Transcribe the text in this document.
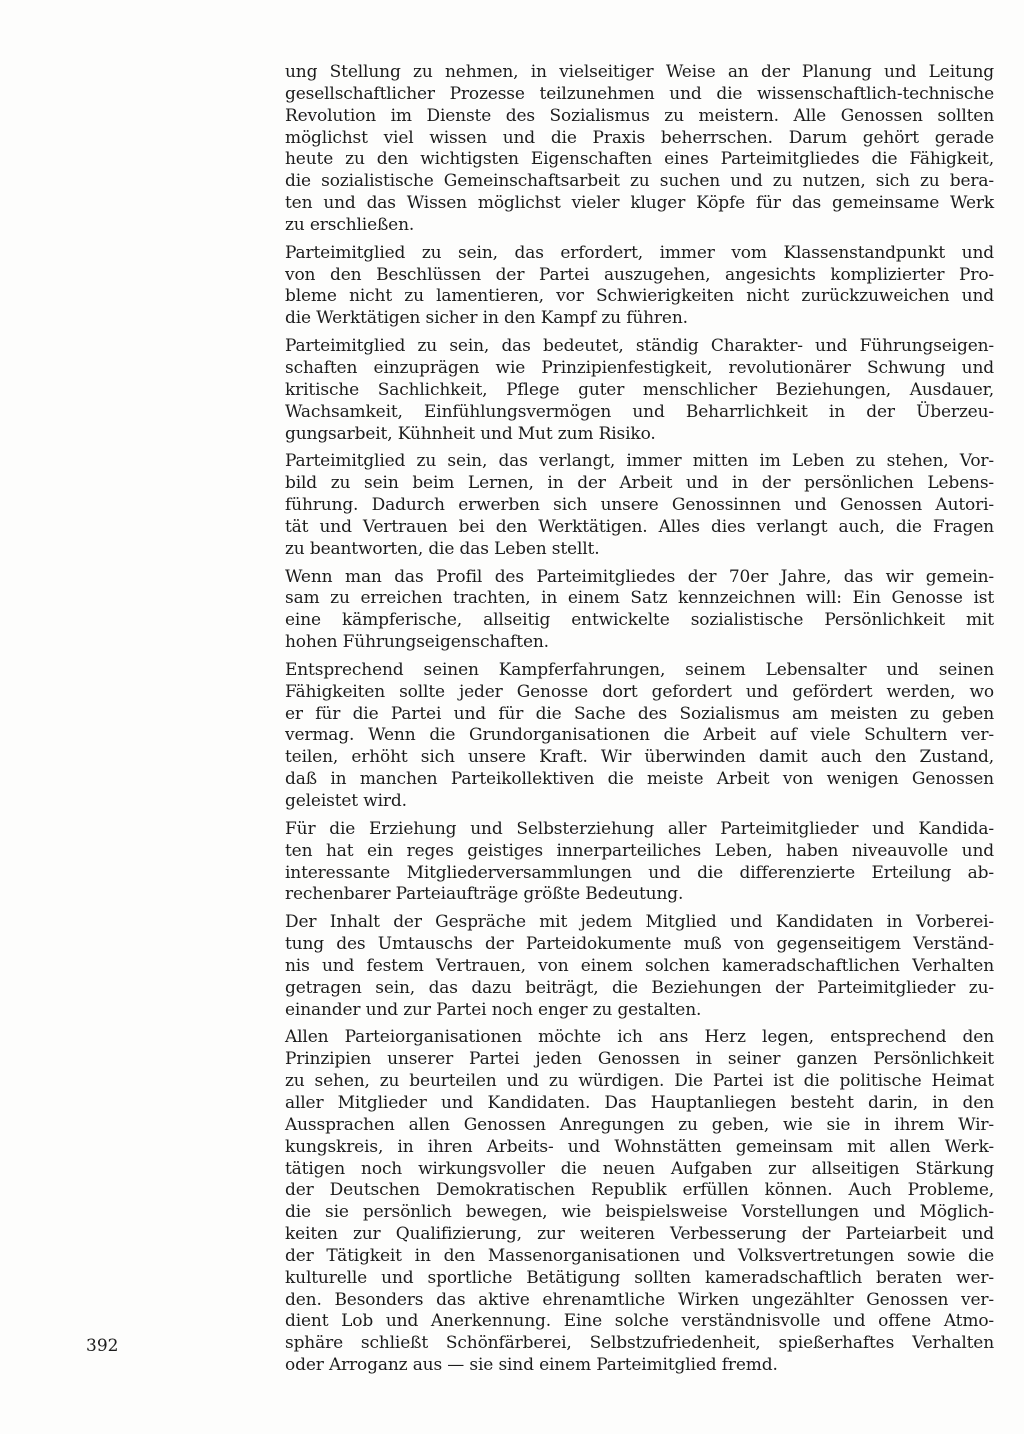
ung Stellung zu nehmen, in vielseitiger Weise an der Planung und Leitung
gesellschaftlicher Prozesse teilzunehmen und die wissenschaftlich-technische
Revolution im Dienste des Sozialismus zu meistern. Alle Genossen sollten
möglichst viel wissen und die Praxis beherrschen. Darum gehört gerade
heute zu den wichtigsten Eigenschaften eines Parteimitgliedes die Fähigkeit,
die sozialistische Gemeinschaftsarbeit zu suchen und zu nutzen, sich zu bera-
ten und das Wissen möglichst vieler kluger Köpfe für das gemeinsame Werk
zu erschließen.

Parteimitglied zu sein, das erfordert, immer vom Klassenstandpunkt und
von den Beschlüssen der Partei auszugehen, angesichts komplizierter Pro-
bleme nicht zu lamentieren, vor Schwierigkeiten nicht zurückzuweichen und
die Werktätigen sicher in den Kampf zu führen.

Parteimitglied zu sein, das bedeutet, ständig Charakter- und Führungseigen-
schaften einzuprägen wie Prinzipienfestigkeit, revolutionärer Schwung und
kritische Sachlichkeit, Pflege guter menschlicher Beziehungen, Ausdauer,
Wachsamkeit, Einfühlungsvermögen und Beharrlichkeit in der Überzeu-
gungsarbeit, Kühnheit und Mut zum Risiko.

Parteimitglied zu sein, das verlangt, immer mitten im Leben zu stehen, Vor-
bild zu sein beim Lernen, in der Arbeit und in der persönlichen Lebens-
führung. Dadurch erwerben sich unsere Genossinnen und Genossen Autori-
tät und Vertrauen bei den Werktätigen. Alles dies verlangt auch, die Fragen
zu beantworten, die das Leben stellt.

Wenn man das Profil des Parteimitgliedes der 70er Jahre, das wir gemein-
sam zu erreichen trachten, in einem Satz kennzeichnen will: Ein Genosse ist
eine kämpferische, allseitig entwickelte sozialistische Persönlichkeit mit
hohen Führungseigenschaften.

Entsprechend seinen Kampferfahrungen, seinem Lebensalter und seinen
Fähigkeiten sollte jeder Genosse dort gefordert und gefördert werden, wo
er für die Partei und für die Sache des Sozialismus am meisten zu geben
vermag. Wenn die Grundorganisationen die Arbeit auf viele Schultern ver-
teilen, erhöht sich unsere Kraft. Wir überwinden damit auch den Zustand,
daß in manchen Parteikollektiven die meiste Arbeit von wenigen Genossen
geleistet wird.

Für die Erziehung und Selbsterziehung aller Parteimitglieder und Kandida-
ten hat ein reges geistiges innerparteiliches Leben, haben niveauvolle und
interessante Mitgliederversammlungen und die differenzierte Erteilung ab-
rechenbarer Parteiaufträge größte Bedeutung.

Der Inhalt der Gespräche mit jedem Mitglied und Kandidaten in Vorberei-
tung des Umtauschs der Parteidokumente muß von gegenseitigem Verständ-
nis und festem Vertrauen, von einem solchen kameradschaftlichen Verhalten
getragen sein, das dazu beiträgt, die Beziehungen der Parteimitglieder zu-
einander und zur Partei noch enger zu gestalten.

Allen Parteiorganisationen möchte ich ans Herz legen, entsprechend den
Prinzipien unserer Partei jeden Genossen in seiner ganzen Persönlichkeit
zu sehen, zu beurteilen und zu würdigen. Die Partei ist die politische Heimat
aller Mitglieder und Kandidaten. Das Hauptanliegen besteht darin, in den
Aussprachen allen Genossen Anregungen zu geben, wie sie in ihrem Wir-
kungskreis, in ihren Arbeits- und Wohnstätten gemeinsam mit allen Werk-
tätigen noch wirkungsvoller die neuen Aufgaben zur allseitigen Stärkung
der Deutschen Demokratischen Republik erfüllen können. Auch Probleme,
die sie persönlich bewegen, wie beispielsweise Vorstellungen und Möglich-
keiten zur Qualifizierung, zur weiteren Verbesserung der Parteiarbeit und
der Tätigkeit in den Massenorganisationen und Volksvertretungen sowie die
kulturelle und sportliche Betätigung sollten kameradschaftlich beraten wer-
den. Besonders das aktive ehrenamtliche Wirken ungezählter Genossen ver-
dient Lob und Anerkennung. Eine solche verständnisvolle und offene Atmo-
sphäre schließt Schönfärberei, Selbstzufriedenheit, spießerhaftes Verhalten
oder Arroganz aus — sie sind einem Parteimitglied fremd.

392
